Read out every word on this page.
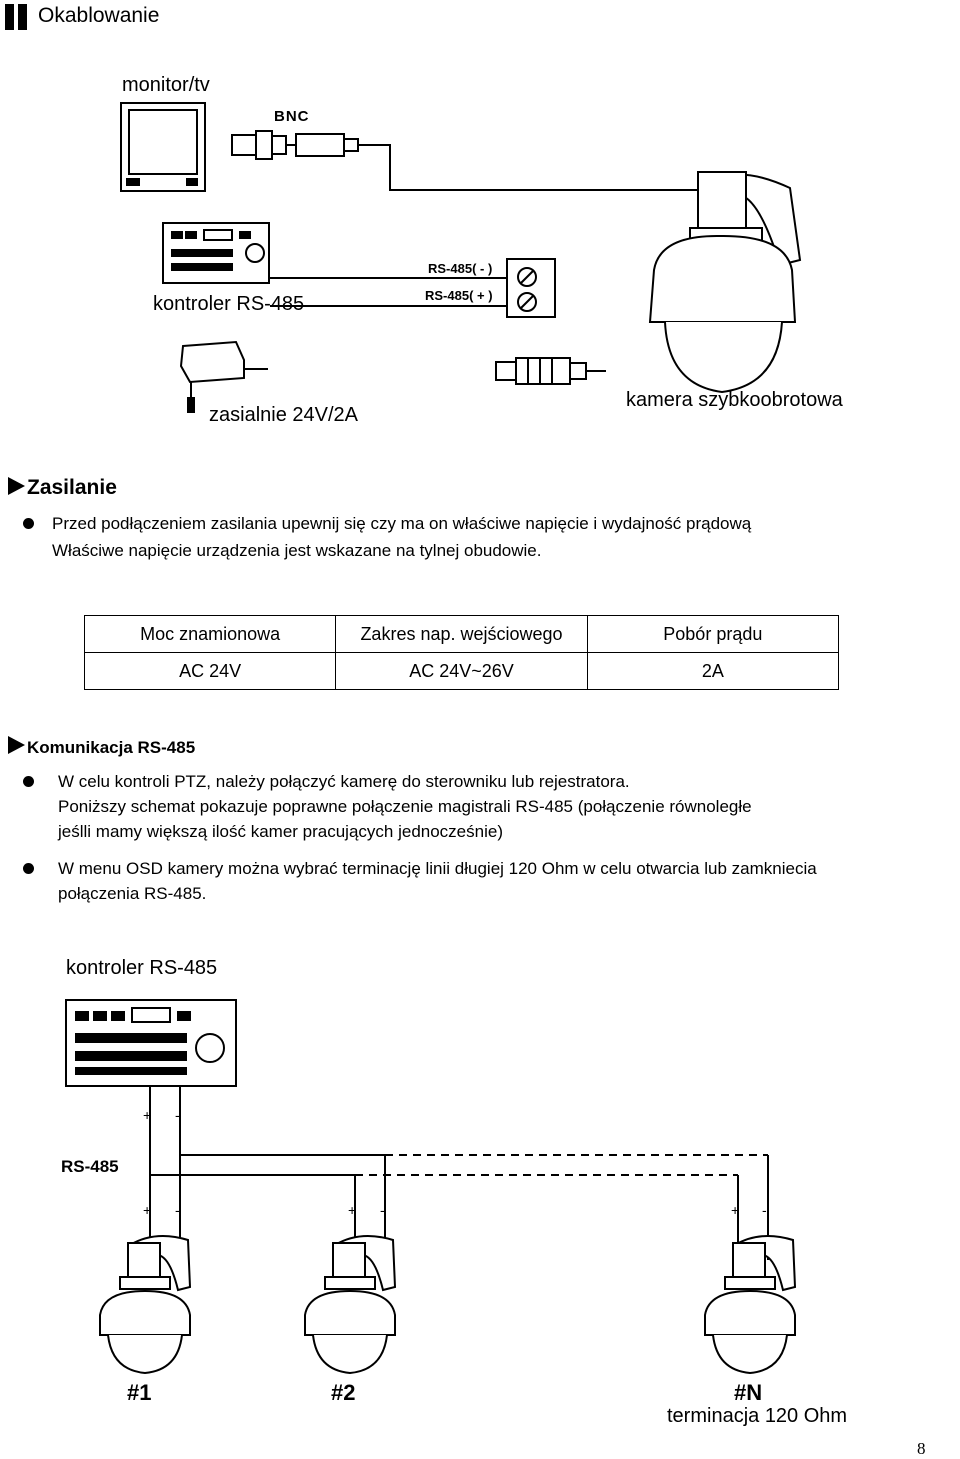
Okablowanie
RS-485( - )
RS-485( + )
monitor/tv
BNC
kontroler RS-485
zasialnie 24V/2A
kamera szybkoobrotowa
Zasilanie
Przed podłączeniem zasilania upewnij się czy ma on właściwe napięcie i wydajność prądową
Właściwe napięcie urządzenia jest wskazane na tylnej obudowie.
Moc znamionowa	Zakres nap. wejściowego	Pobór prądu
AC 24V	AC 24V~26V	2A
Komunikacja RS-485
W celu kontroli PTZ, należy połączyć kamerę do sterowniku lub rejestratora.
Poniższy schemat pokazuje poprawne połączenie magistrali RS-485 (połączenie równoległe
jeślli mamy większą ilość kamer pracujących jednocześnie)
W menu OSD kamery można wybrać terminację linii długiej 120 Ohm w celu otwarcia lub zamkniecia
połączenia RS-485.
+ -
+ -	+ -	+ -
RS-485
#1	#2	#N
kontroler RS-485
terminacja 120 Ohm
8
